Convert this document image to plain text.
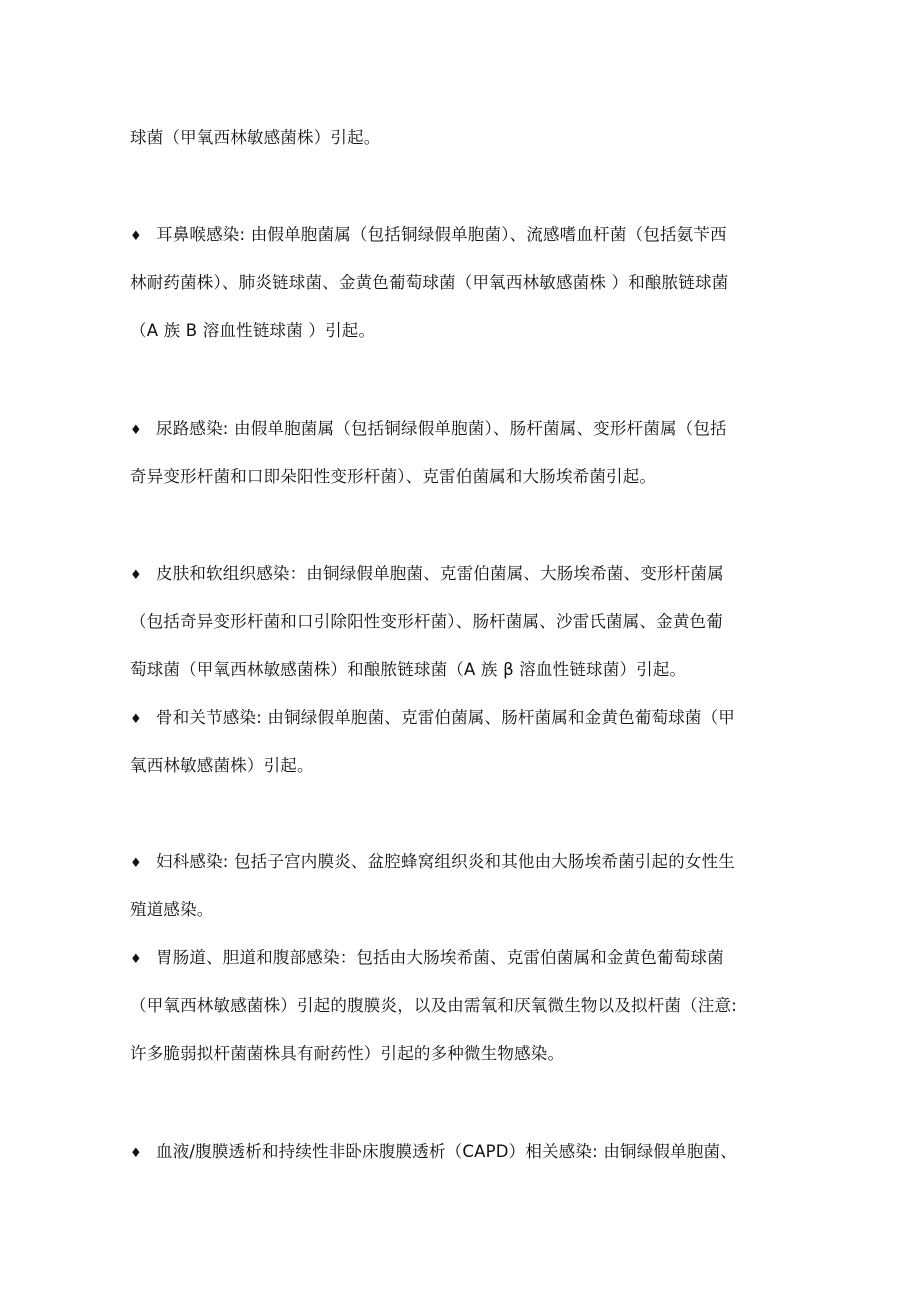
球菌（甲氧西林敏感菌株）引起。
♦ 耳鼻喉感染: 由假单胞菌属（包括铜绿假单胞菌）、流感嗜血杆菌（包括氨苄西
林耐药菌株）、肺炎链球菌、金黄色葡萄球菌（甲氧西林敏感菌株 ）和酿脓链球菌
（A 族 B 溶血性链球菌 ）引起。
♦ 尿路感染: 由假单胞菌属（包括铜绿假单胞菌）、肠杆菌属、变形杆菌属（包括
奇异变形杆菌和口即朵阳性变形杆菌）、克雷伯菌属和大肠埃希菌引起。
♦ 皮肤和软组织感染：由铜绿假单胞菌、克雷伯菌属、大肠埃希菌、变形杆菌属
（包括奇异变形杆菌和口引除阳性变形杆菌）、肠杆菌属、沙雷氏菌属、金黄色葡
萄球菌（甲氧西林敏感菌株）和酿脓链球菌（A 族 β 溶血性链球菌）引起。
♦ 骨和关节感染: 由铜绿假单胞菌、克雷伯菌属、肠杆菌属和金黄色葡萄球菌（甲
氧西林敏感菌株）引起。
♦ 妇科感染: 包括子宫内膜炎、盆腔蜂窝组织炎和其他由大肠埃希菌引起的女性生
殖道感染。
♦ 胃肠道、胆道和腹部感染：包括由大肠埃希菌、克雷伯菌属和金黄色葡萄球菌
（甲氧西林敏感菌株）引起的腹膜炎，以及由需氧和厌氧微生物以及拟杆菌（注意:
许多脆弱拟杆菌菌株具有耐药性）引起的多种微生物感染。
♦ 血液/腹膜透析和持续性非卧床腹膜透析（CAPD）相关感染: 由铜绿假单胞菌、
